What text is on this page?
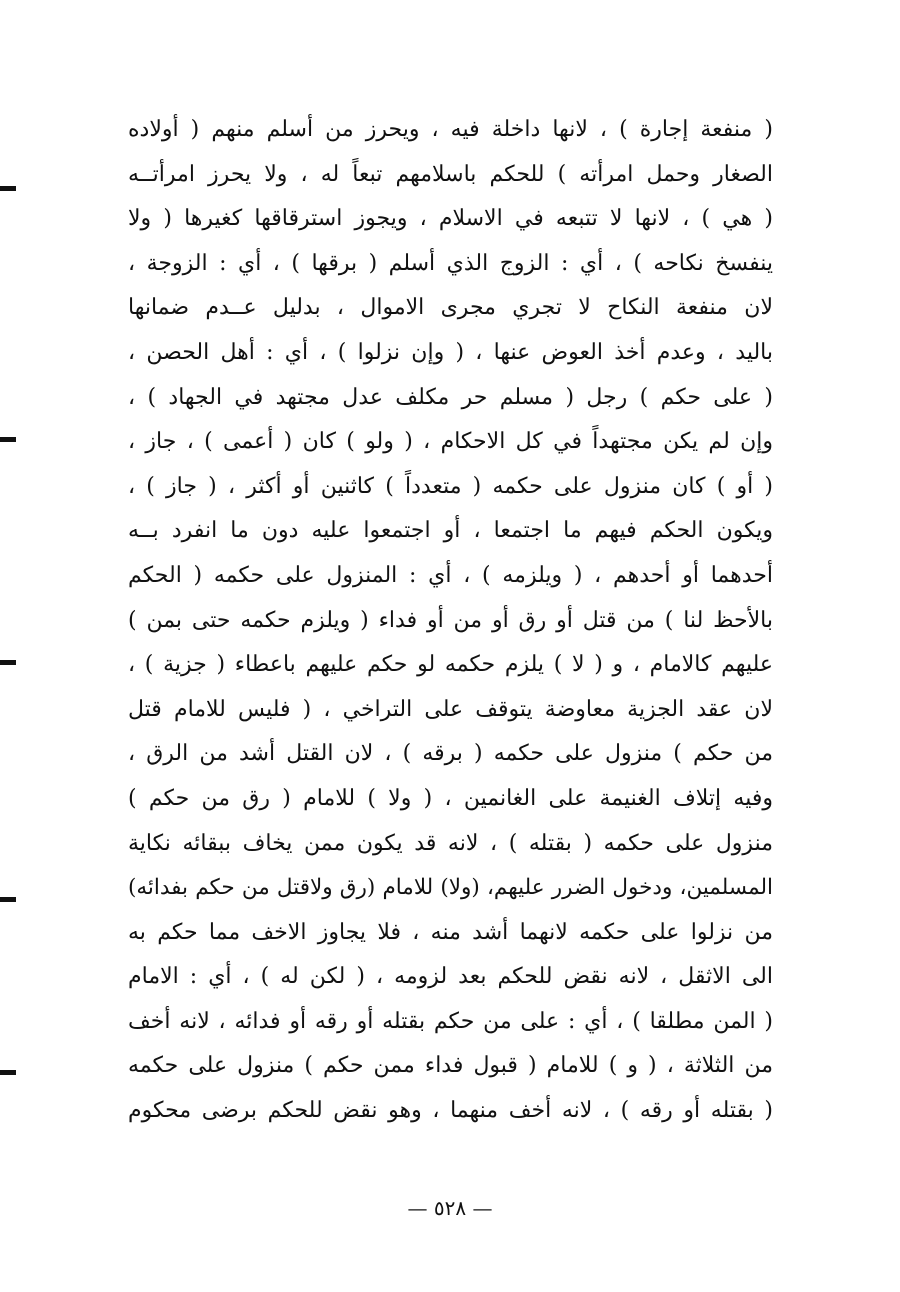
( منفعة إجارة ) ، لانها داخلة فيه ، ويحرز من أسلم منهم ( أولاده
الصغار وحمل امرأته ) للحكم باسلامهم تبعاً له ، ولا يحرز امرأتــه
( هي ) ، لانها لا تتبعه في الاسلام ، ويجوز استرقاقها كغيرها ( ولا
ينفسخ نكاحه ) ، أي : الزوج الذي أسلم ( برقها ) ، أي : الزوجة ،
لان منفعة النكاح لا تجري مجرى الاموال ، بدليل عــدم ضمانها
باليد ، وعدم أخذ العوض عنها ، ( وإن نزلوا ) ، أي : أهل الحصن ،
( على حكم ) رجل ( مسلم حر مكلف عدل مجتهد في الجهاد ) ،
وإن لم يكن مجتهداً في كل الاحكام ، ( ولو ) كان ( أعمى ) ، جاز ،
( أو ) كان منزول على حكمه ( متعدداً ) كاثنين أو أكثر ، ( جاز ) ،
ويكون الحكم فيهم ما اجتمعا ، أو اجتمعوا عليه دون ما انفرد بــه
أحدهما أو أحدهم ، ( ويلزمه ) ، أي : المنزول على حكمه ( الحكم
بالأحظ لنا ) من قتل أو رق أو من أو فداء ( ويلزم حكمه حتى بمن )
عليهم كالامام ، و ( لا ) يلزم حكمه لو حكم عليهم باعطاء ( جزية ) ،
لان عقد الجزية معاوضة يتوقف على التراخي ، ( فليس للامام قتل
من حكم ) منزول على حكمه ( برقه ) ، لان القتل أشد من الرق ،
وفيه إتلاف الغنيمة على الغانمين ، ( ولا ) للامام ( رق من حكم )
منزول على حكمه ( بقتله ) ، لانه قد يكون ممن يخاف ببقائه نكاية
المسلمين، ودخول الضرر عليهم، (ولا) للامام (رق ولاقتل من حكم بفدائه)
من نزلوا على حكمه لانهما أشد منه ، فلا يجاوز الاخف مما حكم به
الى الاثقل ، لانه نقض للحكم بعد لزومه ، ( لكن له ) ، أي : الامام
( المن مطلقا ) ، أي : على من حكم بقتله أو رقه أو فدائه ، لانه أخف
من الثلاثة ، ( و ) للامام ( قبول فداء ممن حكم ) منزول على حكمه
( بقتله أو رقه ) ، لانه أخف منهما ، وهو نقض للحكم برضى محكوم
— ٥٢٨ —
